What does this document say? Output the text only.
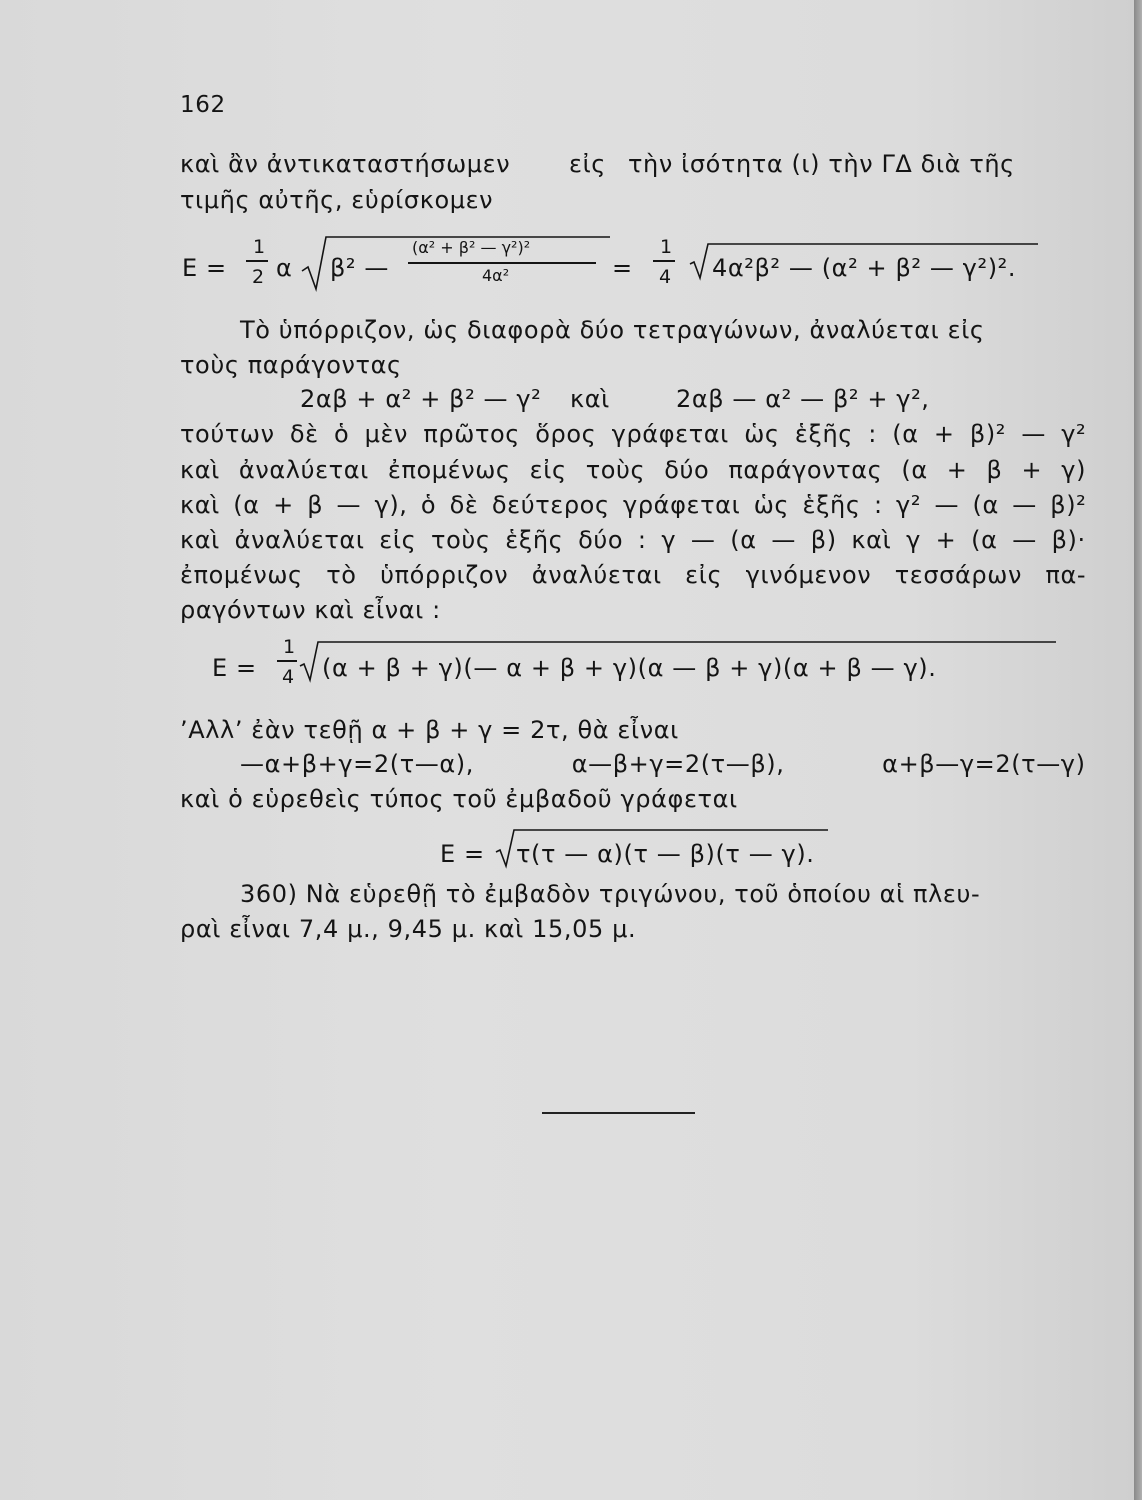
162
καὶ ἂν ἀντικαταστήσωμεν εἰς τὴν ἰσότητα (ι) τὴν ΓΔ διὰ τῆς
τιμῆς αὐτῆς, εὑρίσκομεν
Ε =
1
2 α β² —
(α² + β² — γ²)²
4α²	=
1
4 4α²β² — (α² + β² — γ²)².
Τὸ ὑπόρριζον, ὡς διαφορὰ δύο τετραγώνων, ἀναλύεται εἰς
τοὺς παράγοντας
2αβ + α² + β² — γ² καὶ	2αβ — α² — β² + γ²,
τούτων δὲ ὁ μὲν πρῶτος ὅρος γράφεται ὡς ἑξῆς : (α + β)² — γ²
καὶ ἀναλύεται ἐπομένως εἰς τοὺς δύο παράγοντας (α + β + γ)
καὶ (α + β — γ), ὁ δὲ δεύτερος γράφεται ὡς ἑξῆς : γ² — (α — β)²
καὶ ἀναλύεται εἰς τοὺς ἑξῆς δύο : γ — (α — β) καὶ γ + (α — β)·
ἐπομένως τὸ ὑπόρριζον ἀναλύεται εἰς γινόμενον τεσσάρων πα-
ραγόντων καὶ εἶναι :
Ε =
1
4 (α + β + γ)(— α + β + γ)(α — β + γ)(α + β — γ).
’Αλλ’ ἐὰν τεθῇ α + β + γ = 2τ, θὰ εἶναι
—α+β+γ=2(τ—α), α—β+γ=2(τ—β), α+β—γ=2(τ—γ)
καὶ ὁ εὑρεθεὶς τύπος τοῦ ἐμβαδοῦ γράφεται
Ε = τ(τ — α)(τ — β)(τ — γ).
360) Νὰ εὑρεθῇ τὸ ἐμβαδὸν τριγώνου, τοῦ ὁποίου αἱ πλευ-
ραὶ εἶναι 7,4 μ., 9,45 μ. καὶ 15,05 μ.
